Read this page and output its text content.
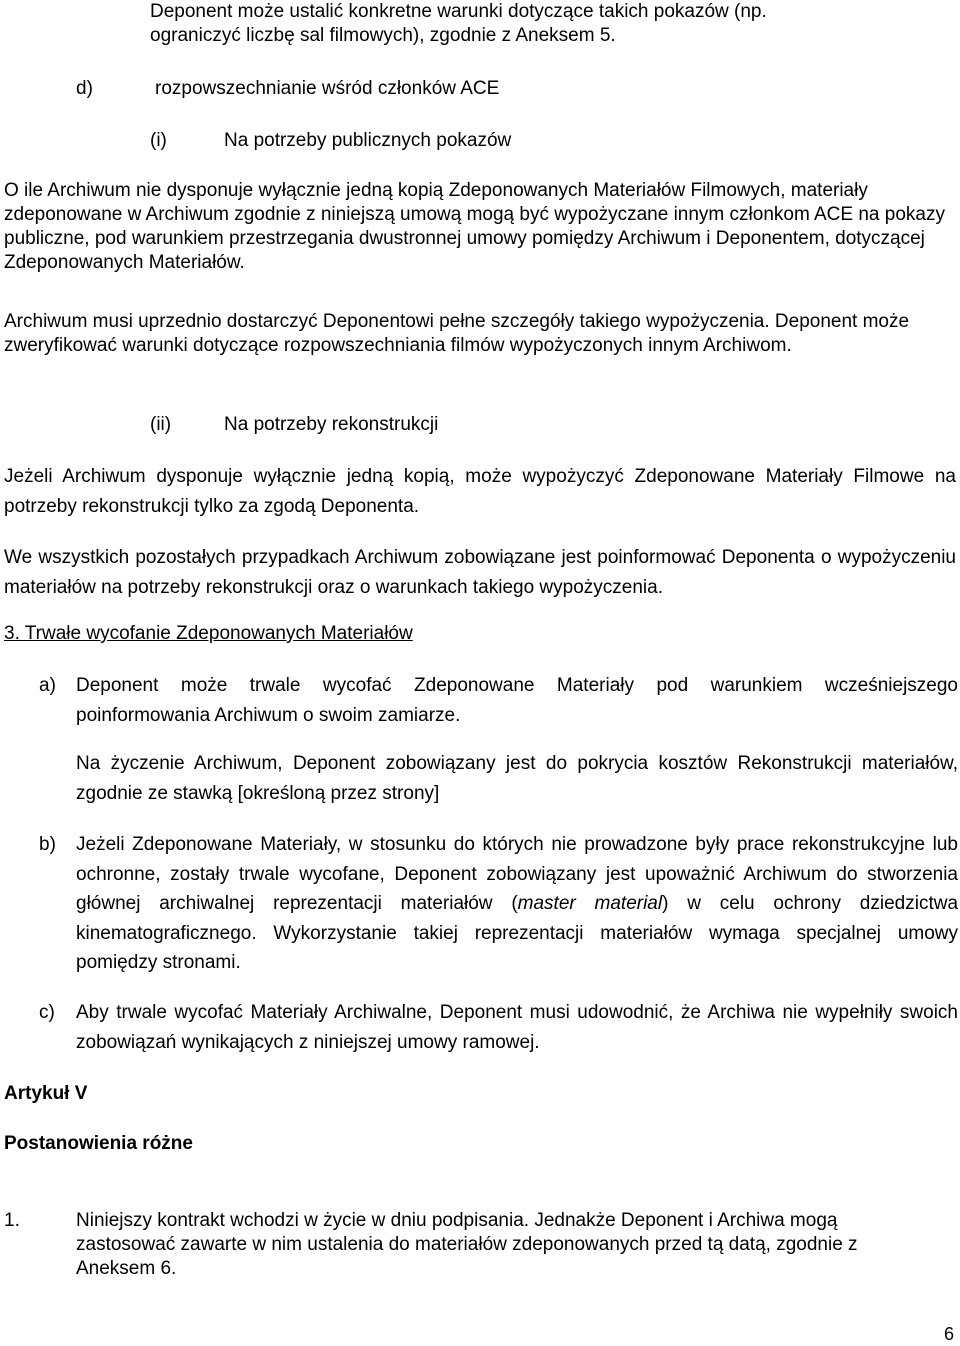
Deponent może ustalić konkretne warunki dotyczące takich pokazów (np.

ograniczyć liczbę sal filmowych), zgodnie z Aneksem 5.

d)	rozpowszechnianie wśród członków ACE
(i)	Na potrzeby publicznych pokazów

O ile Archiwum nie dysponuje wyłącznie jedną kopią Zdeponowanych Materiałów Filmowych, materiały zdeponowane w Archiwum zgodnie z niniejszą umową mogą być wypożyczane innym członkom ACE na pokazy publiczne, pod warunkiem przestrzegania dwustronnej umowy pomiędzy Archiwum i Deponentem, dotyczącej Zdeponowanych Materiałów.

Archiwum musi uprzednio dostarczyć Deponentowi pełne szczegóły takiego wypożyczenia. Deponent może zweryfikować warunki dotyczące rozpowszechniania filmów wypożyczonych innym Archiwom.

(ii)	Na potrzeby rekonstrukcji

Jeżeli Archiwum dysponuje wyłącznie jedną kopią, może wypożyczyć Zdeponowane Materiały Filmowe na potrzeby rekonstrukcji tylko za zgodą Deponenta.

We wszystkich pozostałych przypadkach Archiwum zobowiązane jest poinformować Deponenta o wypożyczeniu materiałów na potrzeby rekonstrukcji oraz o warunkach takiego wypożyczenia.

3. Trwałe wycofanie Zdeponowanych Materiałów

a) Deponent może trwale wycofać Zdeponowane Materiały pod warunkiem wcześniejszego poinformowania Archiwum o swoim zamiarze.

Na życzenie Archiwum, Deponent zobowiązany jest do pokrycia kosztów Rekonstrukcji materiałów, zgodnie ze stawką [określoną przez strony]

b) Jeżeli Zdeponowane Materiały, w stosunku do których nie prowadzone były prace rekonstrukcyjne lub ochronne, zostały trwale wycofane, Deponent zobowiązany jest upoważnić Archiwum do stworzenia głównej archiwalnej reprezentacji materiałów (master material) w celu ochrony dziedzictwa kinematograficznego. Wykorzystanie takiej reprezentacji materiałów wymaga specjalnej umowy pomiędzy stronami.

c) Aby trwale wycofać Materiały Archiwalne, Deponent musi udowodnić, że Archiwa nie wypełniły swoich zobowiązań wynikających z niniejszej umowy ramowej.

Artykuł V

Postanowienia różne

1.	Niniejszy kontrakt wchodzi w życie w dniu podpisania. Jednakże Deponent i Archiwa mogą zastosować zawarte w nim ustalenia do materiałów zdeponowanych przed tą datą, zgodnie z Aneksem 6.

6
